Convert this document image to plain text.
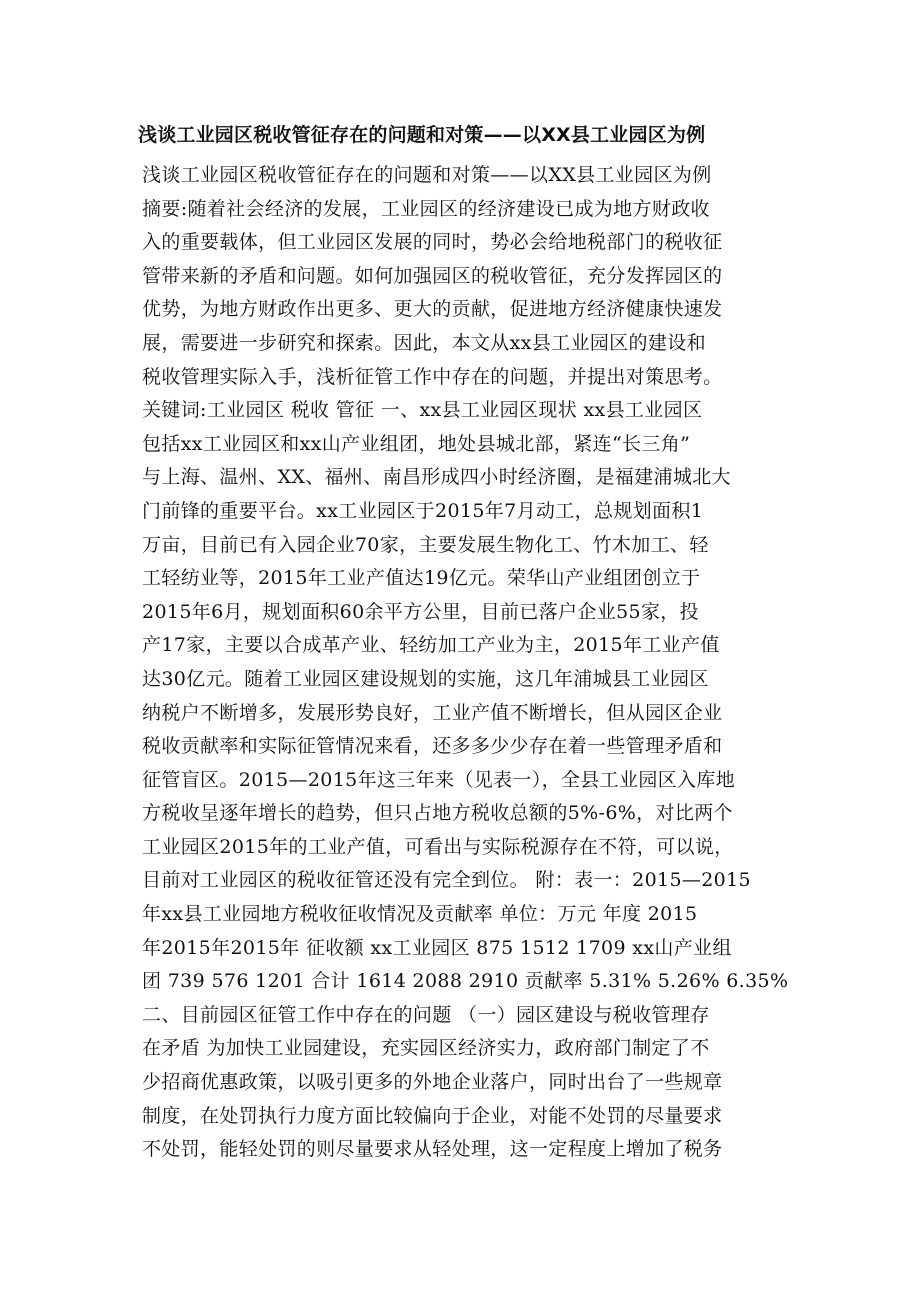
浅谈工业园区税收管征存在的问题和对策——以XX县工业园区为例
浅谈工业园区税收管征存在的问题和对策——以XX县工业园区为例
摘要:随着社会经济的发展，工业园区的经济建设已成为地方财政收
入的重要载体，但工业园区发展的同时，势必会给地税部门的税收征
管带来新的矛盾和问题。如何加强园区的税收管征，充分发挥园区的
优势，为地方财政作出更多、更大的贡献，促进地方经济健康快速发
展，需要进一步研究和探索。因此，本文从xx县工业园区的建设和
税收管理实际入手，浅析征管工作中存在的问题，并提出对策思考。
关键词:工业园区 税收 管征 一、xx县工业园区现状 xx县工业园区
包括xx工业园区和xx山产业组团，地处县城北部，紧连“长三角”
与上海、温州、XX、福州、南昌形成四小时经济圈，是福建浦城北大
门前锋的重要平台。xx工业园区于2015年7月动工，总规划面积1
万亩，目前已有入园企业70家，主要发展生物化工、竹木加工、轻
工轻纺业等，2015年工业产值达19亿元。荣华山产业组团创立于
2015年6月，规划面积60余平方公里，目前已落户企业55家，投
产17家，主要以合成革产业、轻纺加工产业为主，2015年工业产值
达30亿元。随着工业园区建设规划的实施，这几年浦城县工业园区
纳税户不断增多，发展形势良好，工业产值不断增长，但从园区企业
税收贡献率和实际征管情况来看，还多多少少存在着一些管理矛盾和
征管盲区。2015—2015年这三年来（见表一），全县工业园区入库地
方税收呈逐年增长的趋势，但只占地方税收总额的5%-6%，对比两个
工业园区2015年的工业产值，可看出与实际税源存在不符，可以说，
目前对工业园区的税收征管还没有完全到位。 附：表一：2015—2015
年xx县工业园地方税收征收情况及贡献率 单位：万元 年度 2015
年2015年2015年 征收额 xx工业园区 875 1512 1709 xx山产业组
团 739 576 1201 合计 1614 2088 2910 贡献率 5.31% 5.26% 6.35%
二、目前园区征管工作中存在的问题 （一）园区建设与税收管理存
在矛盾 为加快工业园建设，充实园区经济实力，政府部门制定了不
少招商优惠政策，以吸引更多的外地企业落户，同时出台了一些规章
制度，在处罚执行力度方面比较偏向于企业，对能不处罚的尽量要求
不处罚，能轻处罚的则尽量要求从轻处理，这一定程度上增加了税务
